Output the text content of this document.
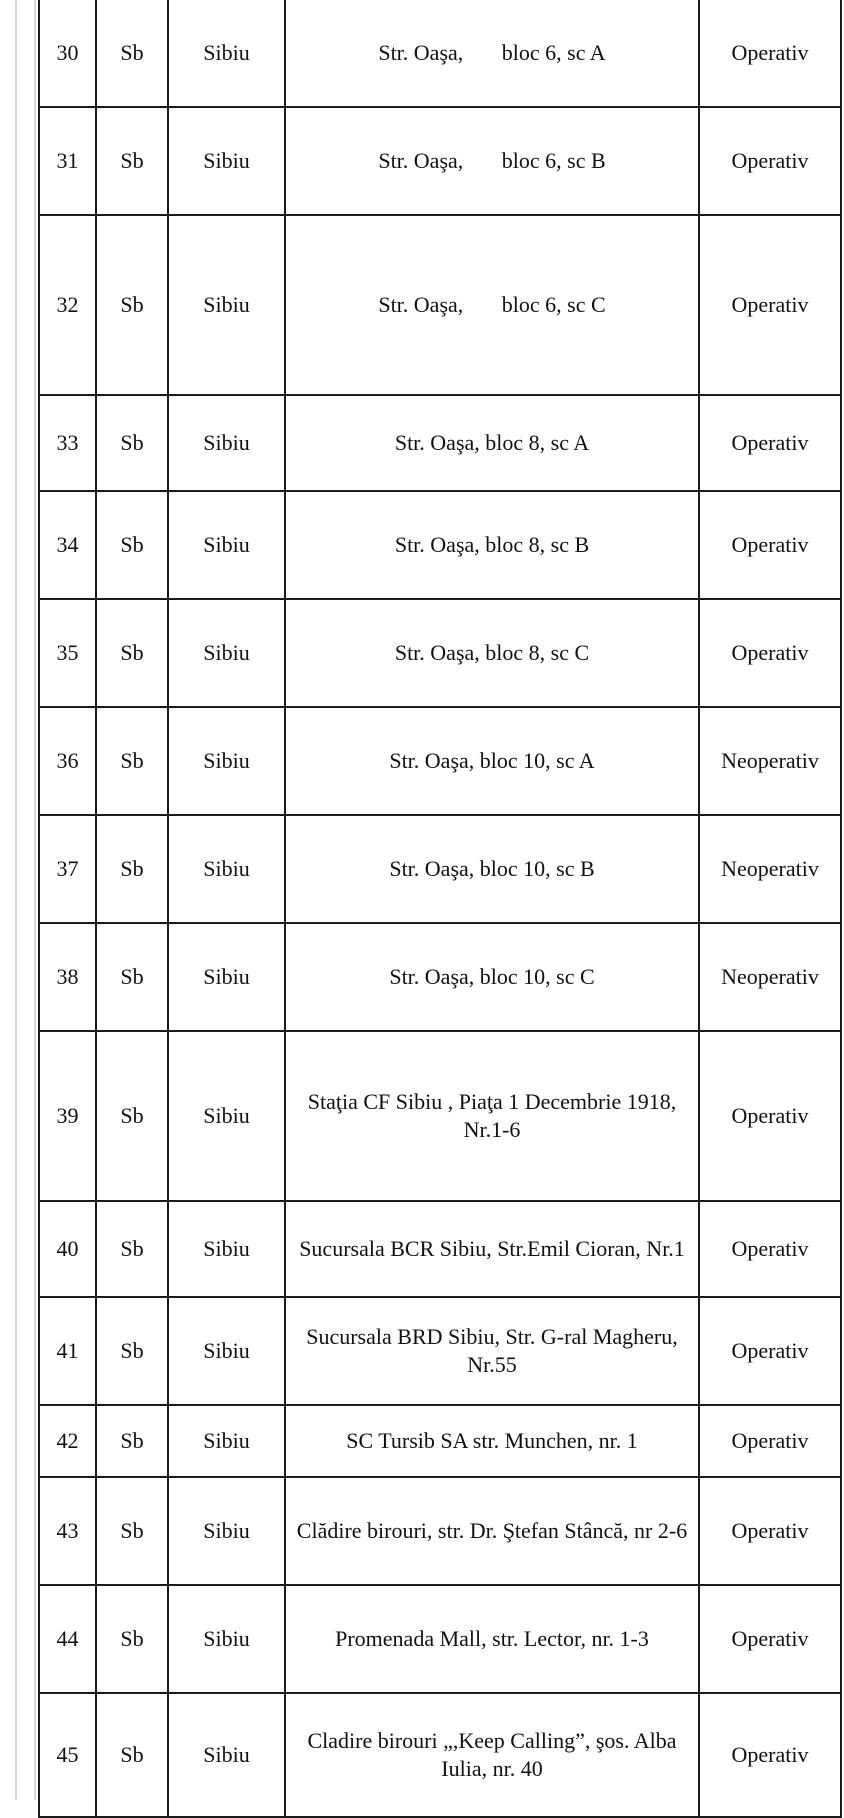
30	Sb	Sibiu	Str. Oaşa,       bloc 6, sc A	Operativ
31	Sb	Sibiu	Str. Oaşa,       bloc 6, sc B	Operativ
32	Sb	Sibiu	Str. Oaşa,       bloc 6, sc C	Operativ
33	Sb	Sibiu	Str. Oaşa, bloc 8, sc A	Operativ
34	Sb	Sibiu	Str. Oaşa, bloc 8, sc B	Operativ
35	Sb	Sibiu	Str. Oaşa, bloc 8, sc C	Operativ
36	Sb	Sibiu	Str. Oaşa, bloc 10, sc A	Neoperativ
37	Sb	Sibiu	Str. Oaşa, bloc 10, sc B	Neoperativ
38	Sb	Sibiu	Str. Oaşa, bloc 10, sc C	Neoperativ
39	Sb	Sibiu	Staţia CF Sibiu , Piaţa 1 Decembrie 1918, Nr.1-6	Operativ
40	Sb	Sibiu	Sucursala BCR Sibiu, Str.Emil Cioran, Nr.1	Operativ
41	Sb	Sibiu	Sucursala BRD Sibiu, Str. G-ral Magheru, Nr.55	Operativ
42	Sb	Sibiu	SC Tursib SA str. Munchen, nr. 1	Operativ
43	Sb	Sibiu	Clădire birouri, str. Dr. Ştefan Stâncă, nr 2-6	Operativ
44	Sb	Sibiu	Promenada Mall, str. Lector, nr. 1-3	Operativ
45	Sb	Sibiu	Cladire birouri „,Keep Calling”, şos. Alba Iulia, nr. 40	Operativ
